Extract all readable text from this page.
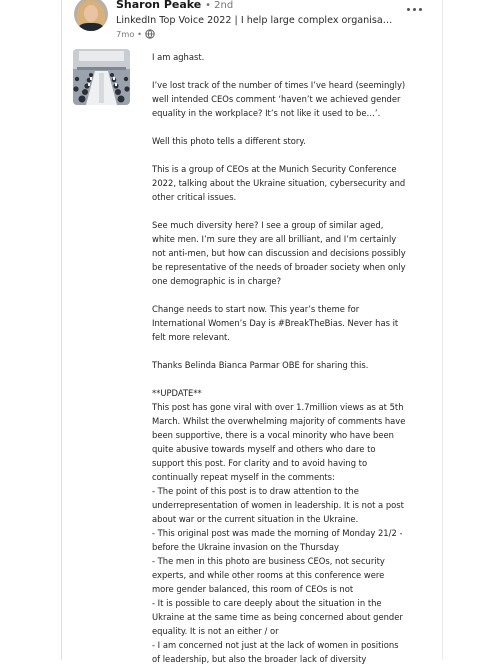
Sharon Peake • 2nd
LinkedIn Top Voice 2022 | I help large complex organisa…
7mo •
I am aghast.
I’ve lost track of the number of times I’ve heard (seemingly)
well intended CEOs comment ‘haven’t we achieved gender
equality in the workplace? It’s not like it used to be…’.
Well this photo tells a different story.
This is a group of CEOs at the Munich Security Conference
2022, talking about the Ukraine situation, cybersecurity and
other critical issues.
See much diversity here? I see a group of similar aged,
white men. I’m sure they are all brilliant, and I’m certainly
not anti-men, but how can discussion and decisions possibly
be representative of the needs of broader society when only
one demographic is in charge?
Change needs to start now. This year’s theme for
International Women’s Day is #BreakTheBias. Never has it
felt more relevant.
Thanks Belinda Bianca Parmar OBE for sharing this.
**UPDATE**
This post has gone viral with over 1.7million views as at 5th
March. Whilst the overwhelming majority of comments have
been supportive, there is a vocal minority who have been
quite abusive towards myself and others who dare to
support this post. For clarity and to avoid having to
continually repeat myself in the comments:
- The point of this post is to draw attention to the
underrepresentation of women in leadership. It is not a post
about war or the current situation in the Ukraine.
- This original post was made the morning of Monday 21/2 -
before the Ukraine invasion on the Thursday
- The men in this photo are business CEOs, not security
experts, and while other rooms at this conference were
more gender balanced, this room of CEOs is not
- It is possible to care deeply about the situation in the
Ukraine at the same time as being concerned about gender
equality. It is not an either / or
- I am concerned not just at the lack of women in positions
of leadership, but also the broader lack of diversity
